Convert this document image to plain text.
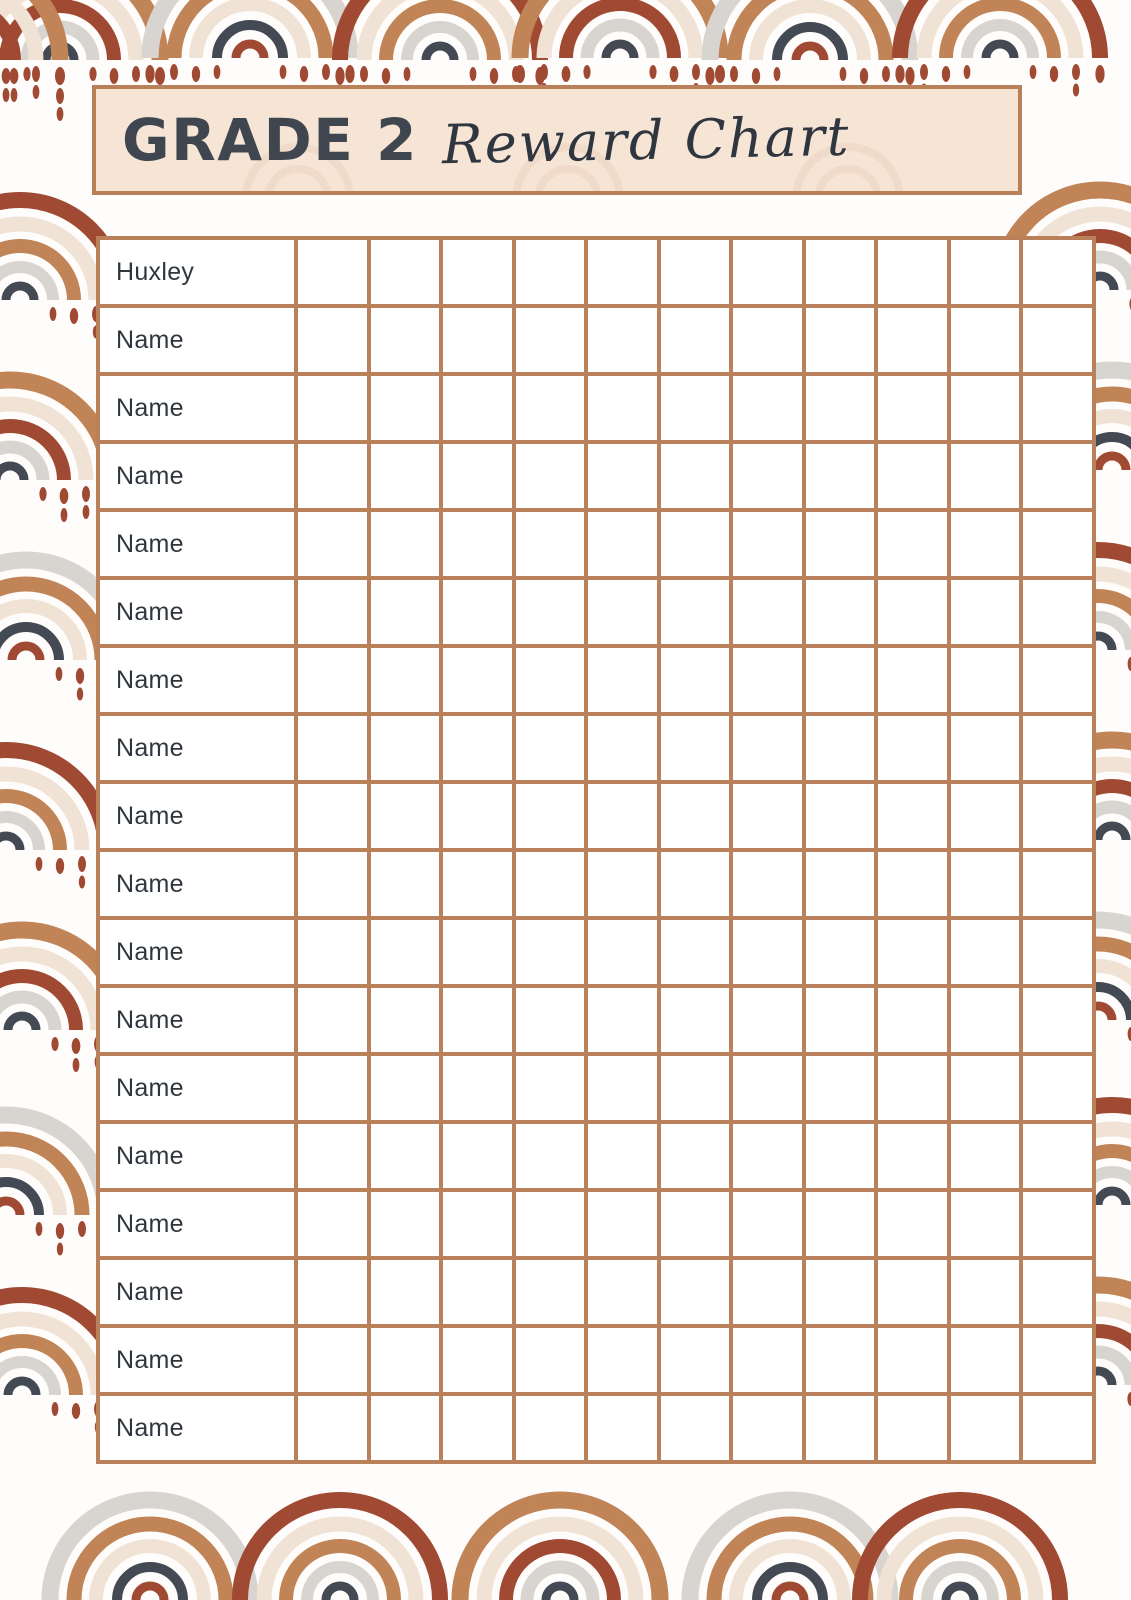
GRADE 2 Reward Chart
Huxley											
Name											
Name											
Name											
Name											
Name											
Name											
Name											
Name											
Name											
Name											
Name											
Name											
Name											
Name											
Name											
Name											
Name											
